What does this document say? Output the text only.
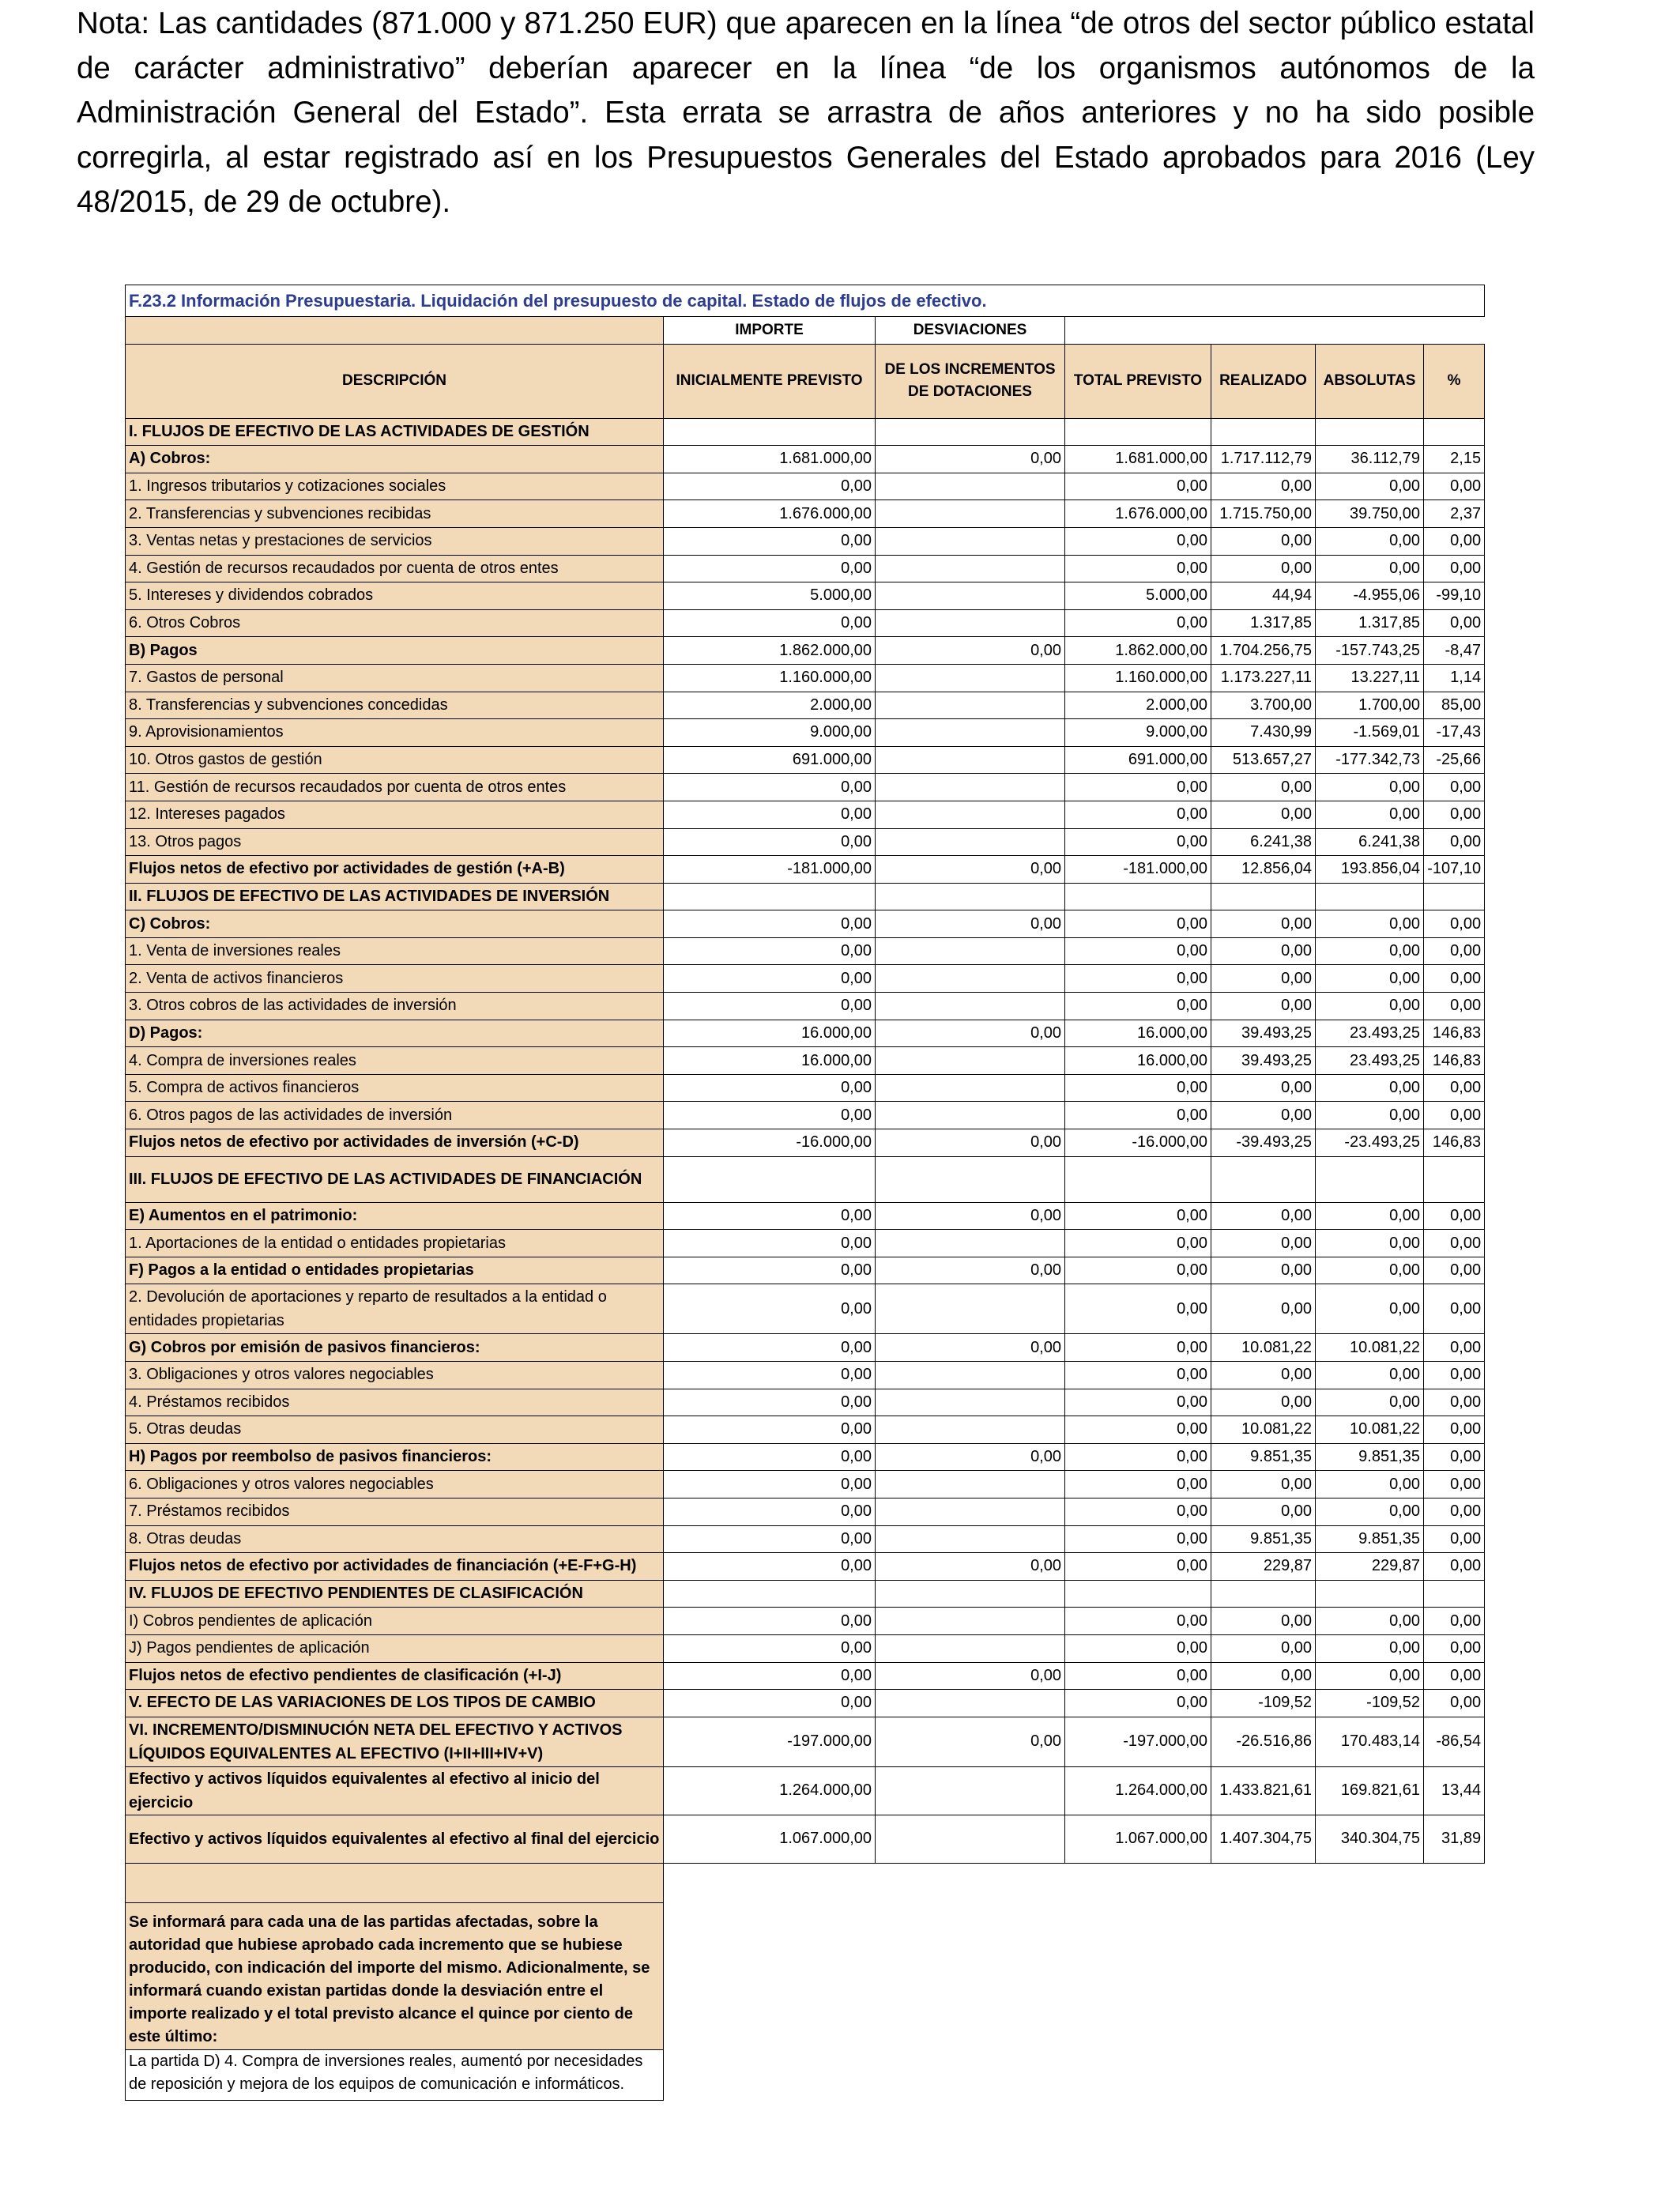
Nota: Las cantidades (871.000 y 871.250 EUR) que aparecen en la línea “de otros del sector público estatal de carácter administrativo” deberían aparecer en la línea “de los organismos autónomos de la Administración General del Estado”. Esta errata se arrastra de años anteriores y no ha sido posible corregirla, al estar registrado así en los Presupuestos Generales del Estado aprobados para 2016 (Ley 48/2015, de 29 de octubre).

F.23.2 Información Presupuestaria. Liquidación del presupuesto de capital. Estado de flujos de efectivo.						
	IMPORTE	DESVIACIONES				
DESCRIPCIÓN	INICIALMENTE PREVISTO	DE LOS INCREMENTOS DE DOTACIONES	TOTAL PREVISTO	REALIZADO	ABSOLUTAS	%
I. FLUJOS DE EFECTIVO DE LAS ACTIVIDADES DE GESTIÓN						
A) Cobros:	1.681.000,00	0,00	1.681.000,00	1.717.112,79	36.112,79	2,15
1. Ingresos tributarios y cotizaciones sociales	0,00		0,00	0,00	0,00	0,00
2. Transferencias y subvenciones recibidas	1.676.000,00		1.676.000,00	1.715.750,00	39.750,00	2,37
3. Ventas netas y prestaciones de servicios	0,00		0,00	0,00	0,00	0,00
4. Gestión de recursos recaudados por cuenta de otros entes	0,00		0,00	0,00	0,00	0,00
5. Intereses y dividendos cobrados	5.000,00		5.000,00	44,94	-4.955,06	-99,10
6. Otros Cobros	0,00		0,00	1.317,85	1.317,85	0,00
B) Pagos	1.862.000,00	0,00	1.862.000,00	1.704.256,75	-157.743,25	-8,47
7. Gastos de personal	1.160.000,00		1.160.000,00	1.173.227,11	13.227,11	1,14
8. Transferencias y subvenciones concedidas	2.000,00		2.000,00	3.700,00	1.700,00	85,00
9. Aprovisionamientos	9.000,00		9.000,00	7.430,99	-1.569,01	-17,43
10. Otros gastos de gestión	691.000,00		691.000,00	513.657,27	-177.342,73	-25,66
11. Gestión de recursos recaudados por cuenta de otros entes	0,00		0,00	0,00	0,00	0,00
12. Intereses pagados	0,00		0,00	0,00	0,00	0,00
13. Otros pagos	0,00		0,00	6.241,38	6.241,38	0,00
Flujos netos de efectivo por actividades de gestión (+A-B)	-181.000,00	0,00	-181.000,00	12.856,04	193.856,04	-107,10
II. FLUJOS DE EFECTIVO DE LAS ACTIVIDADES DE INVERSIÓN						
C) Cobros:	0,00	0,00	0,00	0,00	0,00	0,00
1. Venta de inversiones reales	0,00		0,00	0,00	0,00	0,00
2. Venta de activos financieros	0,00		0,00	0,00	0,00	0,00
3. Otros cobros de las actividades de inversión	0,00		0,00	0,00	0,00	0,00
D) Pagos:	16.000,00	0,00	16.000,00	39.493,25	23.493,25	146,83
4. Compra de inversiones reales	16.000,00		16.000,00	39.493,25	23.493,25	146,83
5. Compra de activos financieros	0,00		0,00	0,00	0,00	0,00
6. Otros pagos de las actividades de inversión	0,00		0,00	0,00	0,00	0,00
Flujos netos de efectivo por actividades de inversión (+C-D)	-16.000,00	0,00	-16.000,00	-39.493,25	-23.493,25	146,83
III. FLUJOS DE EFECTIVO DE LAS ACTIVIDADES DE FINANCIACIÓN						
E) Aumentos en el patrimonio:	0,00	0,00	0,00	0,00	0,00	0,00
1. Aportaciones de la entidad o entidades propietarias	0,00		0,00	0,00	0,00	0,00
F) Pagos a la entidad o entidades propietarias	0,00	0,00	0,00	0,00	0,00	0,00
2. Devolución de aportaciones y reparto de resultados a la entidad o entidades propietarias	0,00		0,00	0,00	0,00	0,00
G) Cobros por emisión de pasivos financieros:	0,00	0,00	0,00	10.081,22	10.081,22	0,00
3. Obligaciones y otros valores negociables	0,00		0,00	0,00	0,00	0,00
4. Préstamos recibidos	0,00		0,00	0,00	0,00	0,00
5. Otras deudas	0,00		0,00	10.081,22	10.081,22	0,00
H) Pagos por reembolso de pasivos financieros:	0,00	0,00	0,00	9.851,35	9.851,35	0,00
6. Obligaciones y otros valores negociables	0,00		0,00	0,00	0,00	0,00
7. Préstamos recibidos	0,00		0,00	0,00	0,00	0,00
8. Otras deudas	0,00		0,00	9.851,35	9.851,35	0,00
Flujos netos de efectivo por actividades de financiación (+E-F+G-H)	0,00	0,00	0,00	229,87	229,87	0,00
IV. FLUJOS DE EFECTIVO PENDIENTES DE CLASIFICACIÓN						
I) Cobros pendientes de aplicación	0,00		0,00	0,00	0,00	0,00
J) Pagos pendientes de aplicación	0,00		0,00	0,00	0,00	0,00
Flujos netos de efectivo pendientes de clasificación (+I-J)	0,00	0,00	0,00	0,00	0,00	0,00
V. EFECTO DE LAS VARIACIONES DE LOS TIPOS DE CAMBIO	0,00		0,00	-109,52	-109,52	0,00
VI. INCREMENTO/DISMINUCIÓN NETA DEL EFECTIVO Y ACTIVOS LÍQUIDOS EQUIVALENTES AL EFECTIVO (I+II+III+IV+V)	-197.000,00	0,00	-197.000,00	-26.516,86	170.483,14	-86,54
Efectivo y activos líquidos equivalentes al efectivo al inicio del ejercicio	1.264.000,00		1.264.000,00	1.433.821,61	169.821,61	13,44
Efectivo y activos líquidos equivalentes al efectivo al final del ejercicio	1.067.000,00		1.067.000,00	1.407.304,75	340.304,75	31,89

Se informará para cada una de las partidas afectadas, sobre la autoridad que hubiese aprobado cada incremento que se hubiese producido, con indicación del importe del mismo. Adicionalmente, se informará cuando existan partidas donde la desviación entre el importe realizado y el total previsto alcance el quince por ciento de este último:						
La partida D) 4. Compra de inversiones reales, aumentó por necesidades de reposición y mejora de los equipos de comunicación e informáticos.						
